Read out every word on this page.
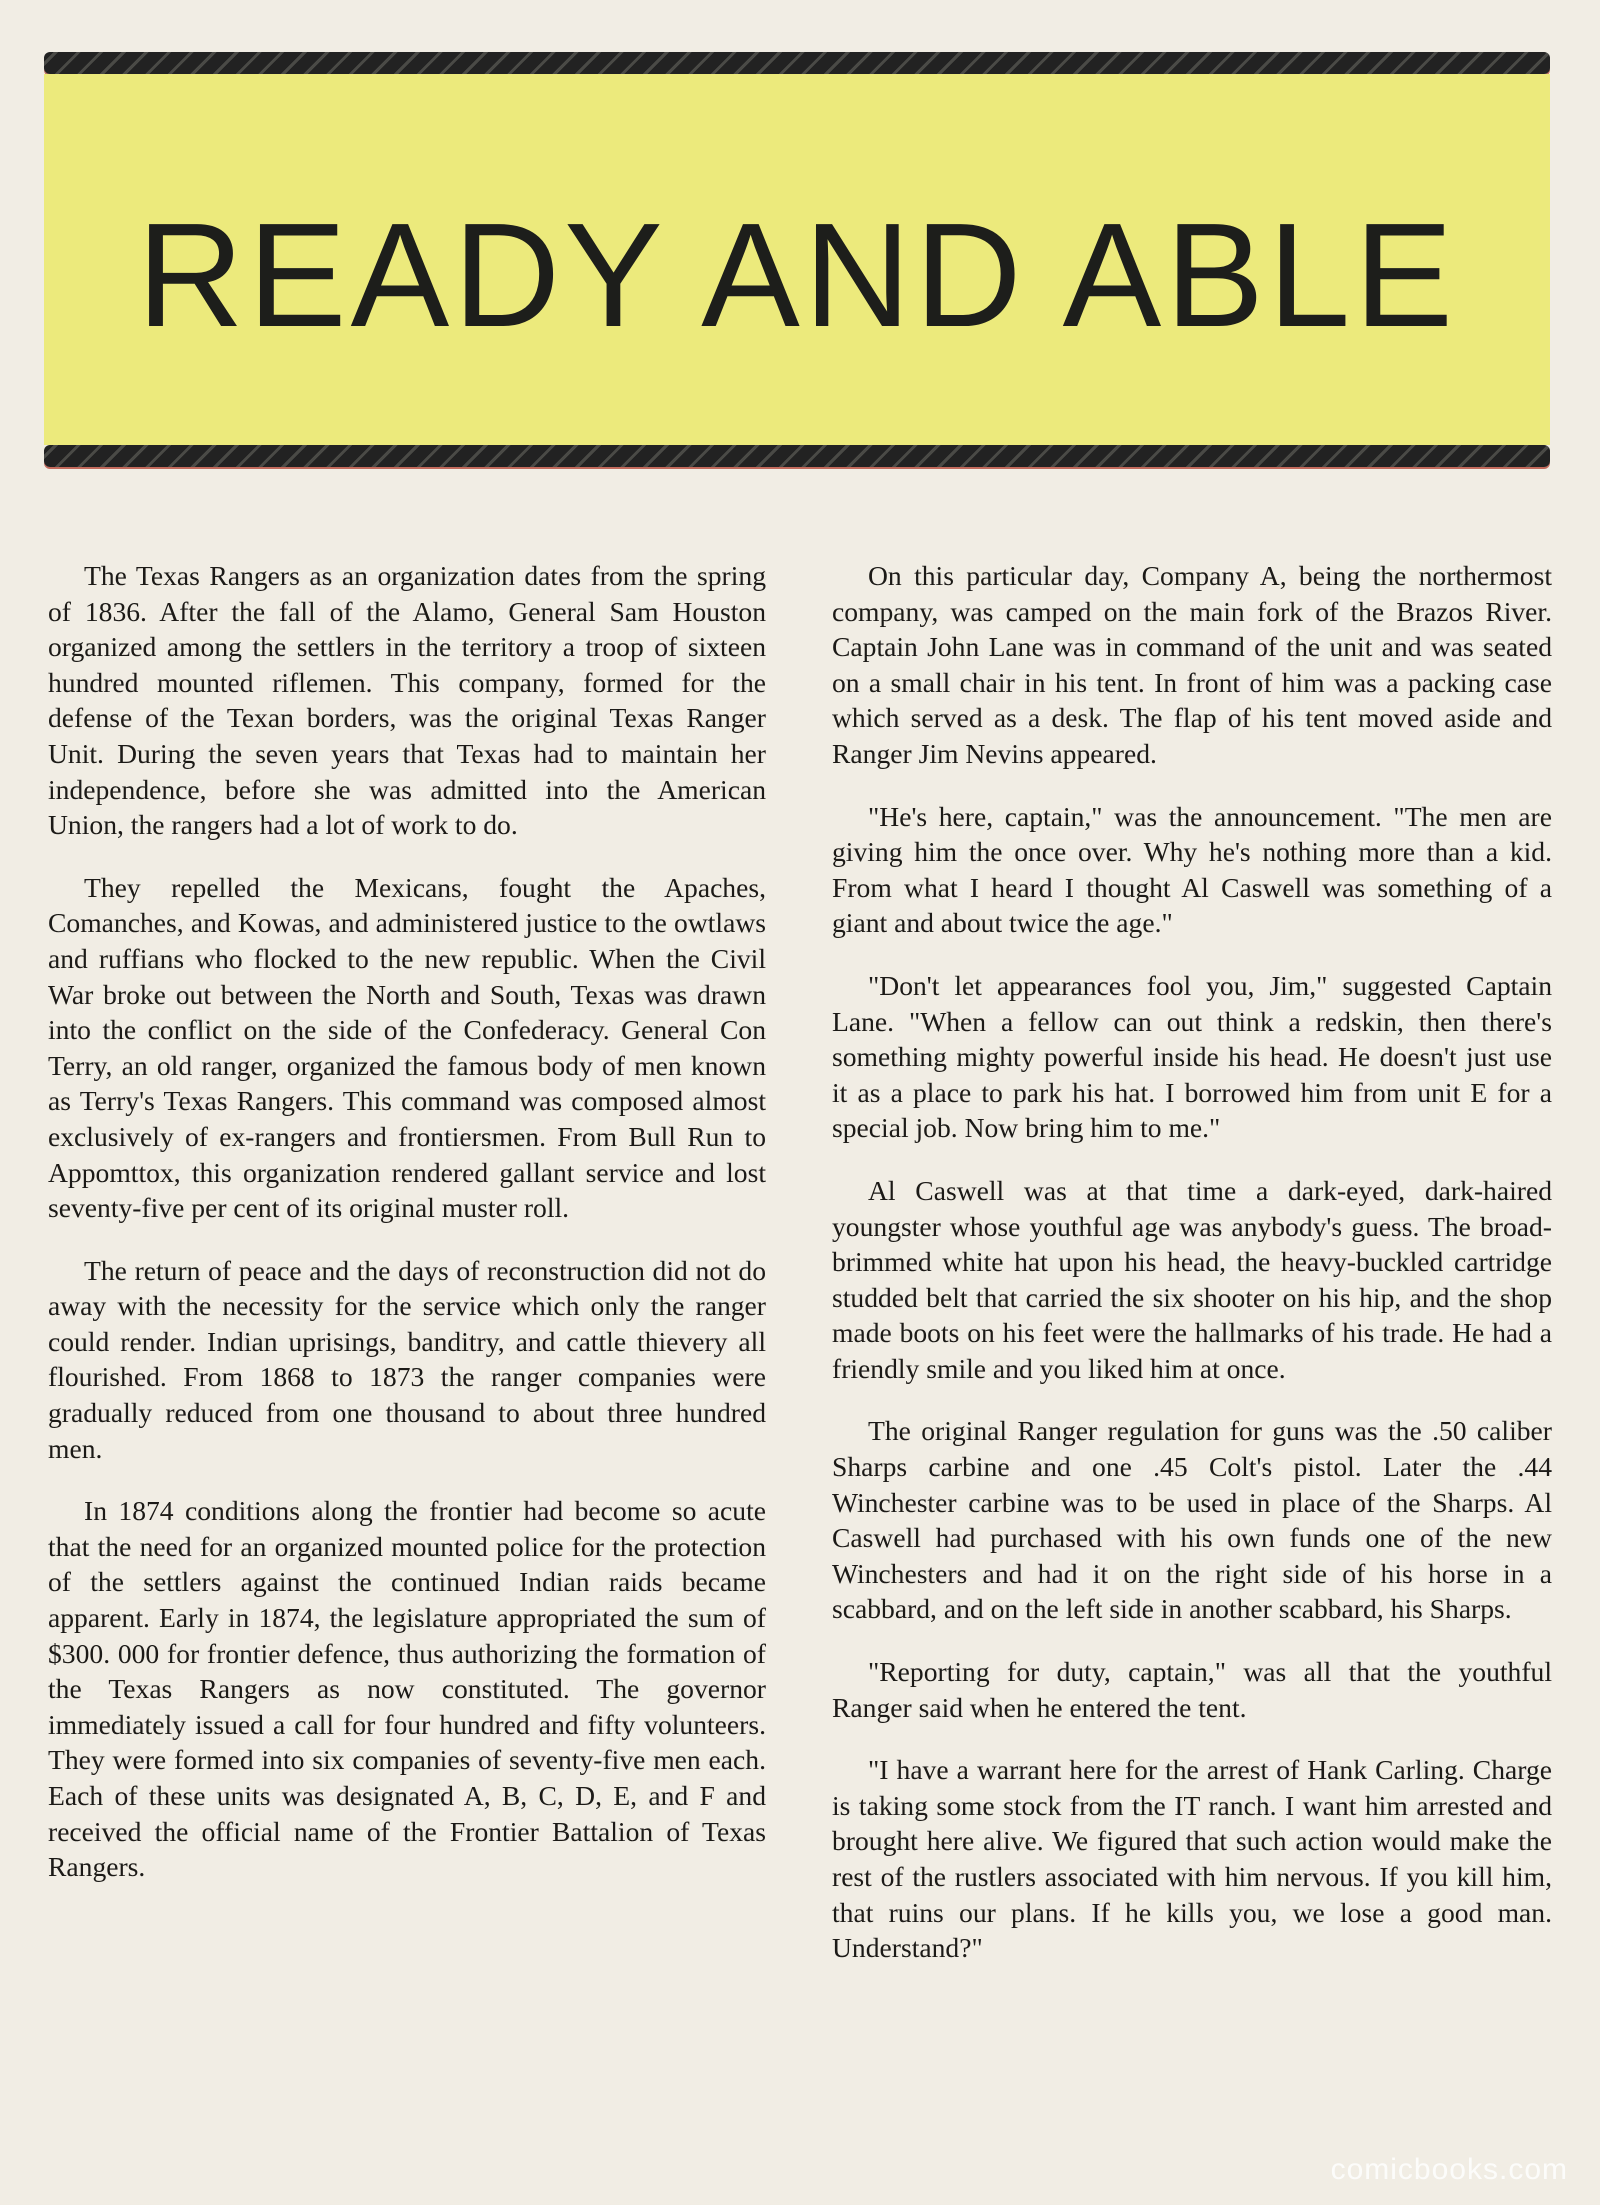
READY AND ABLE

The Texas Rangers as an organization dates from the spring of 1836. After the fall of the Alamo, General Sam Houston organized among the settlers in the territory a troop of sixteen hundred mounted riflemen. This company, formed for the defense of the Texan borders, was the original Texas Ranger Unit. During the seven years that Texas had to maintain her independence, before she was admitted into the American Union, the rangers had a lot of work to do.

They repelled the Mexicans, fought the Apaches, Comanches, and Kowas, and administered justice to the owtlaws and ruffians who flocked to the new republic. When the Civil War broke out between the North and South, Texas was drawn into the conflict on the side of the Confederacy. General Con Terry, an old ranger, organized the famous body of men known as Terry's Texas Rangers. This command was composed almost exclusively of ex-rangers and frontiersmen. From Bull Run to Appomttox, this organization rendered gallant service and lost seventy-five per cent of its original muster roll.

The return of peace and the days of reconstruction did not do away with the necessity for the service which only the ranger could render. Indian uprisings, banditry, and cattle thievery all flourished. From 1868 to 1873 the ranger companies were gradually reduced from one thousand to about three hundred men.

In 1874 conditions along the frontier had become so acute that the need for an organized mounted police for the protection of the settlers against the continued Indian raids became apparent. Early in 1874, the legislature appropriated the sum of $300. 000 for frontier defence, thus authorizing the formation of the Texas Rangers as now constituted. The governor immediately issued a call for four hundred and fifty volunteers. They were formed into six companies of seventy-five men each. Each of these units was designated A, B, C, D, E, and F and received the official name of the Frontier Battalion of Texas Rangers.

On this particular day, Company A, being the northermost company, was camped on the main fork of the Brazos River. Captain John Lane was in command of the unit and was seated on a small chair in his tent. In front of him was a packing case which served as a desk. The flap of his tent moved aside and Ranger Jim Nevins appeared.

"He's here, captain," was the announcement. "The men are giving him the once over. Why he's nothing more than a kid. From what I heard I thought Al Caswell was something of a giant and about twice the age."

"Don't let appearances fool you, Jim," suggested Captain Lane. "When a fellow can out think a redskin, then there's something mighty powerful inside his head. He doesn't just use it as a place to park his hat. I borrowed him from unit E for a special job. Now bring him to me."

Al Caswell was at that time a dark-eyed, dark-haired youngster whose youthful age was anybody's guess. The broad-brimmed white hat upon his head, the heavy-buckled cartridge studded belt that carried the six shooter on his hip, and the shop made boots on his feet were the hallmarks of his trade. He had a friendly smile and you liked him at once.

The original Ranger regulation for guns was the .50 caliber Sharps carbine and one .45 Colt's pistol. Later the .44 Winchester carbine was to be used in place of the Sharps. Al Caswell had purchased with his own funds one of the new Winchesters and had it on the right side of his horse in a scabbard, and on the left side in another scabbard, his Sharps.

"Reporting for duty, captain," was all that the youthful Ranger said when he entered the tent.

"I have a warrant here for the arrest of Hank Carling. Charge is taking some stock from the IT ranch. I want him arrested and brought here alive. We figured that such action would make the rest of the rustlers associated with him nervous. If you kill him, that ruins our plans. If he kills you, we lose a good man. Understand?"

comicbooks.com
